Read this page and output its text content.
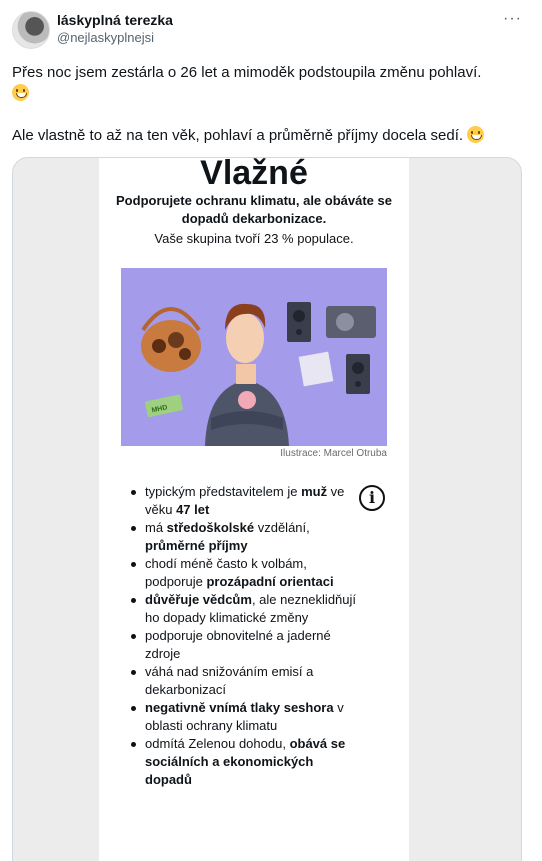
láskyplná terezka
@nejlaskyplnejsi
···

Přes noc jsem zestárla o 26 let a mimoděk podstoupila změnu pohlaví.

Ale vlastně to až na ten věk, pohlaví a průměrně příjmy docela sedí.

Vlažné
Podporujete ochranu klimatu, ale obáváte se dopadů dekarbonizace.
Vaše skupina tvoří 23 % populace.
MHD
Ilustrace: Marcel Otruba
i
typickým představitelem je muž ve věku 47 let
má středoškolské vzdělání, průměrné příjmy
chodí méně často k volbám, podporuje prozápadní orientaci
důvěřuje vědcům, ale nezneklidňují ho dopady klimatické změny
podporuje obnovitelné a jaderné zdroje
váhá nad snižováním emisí a dekarbonizací
negativně vnímá tlaky seshora v oblasti ochrany klimatu
odmítá Zelenou dohodu, obává se sociálních a ekonomických dopadů
